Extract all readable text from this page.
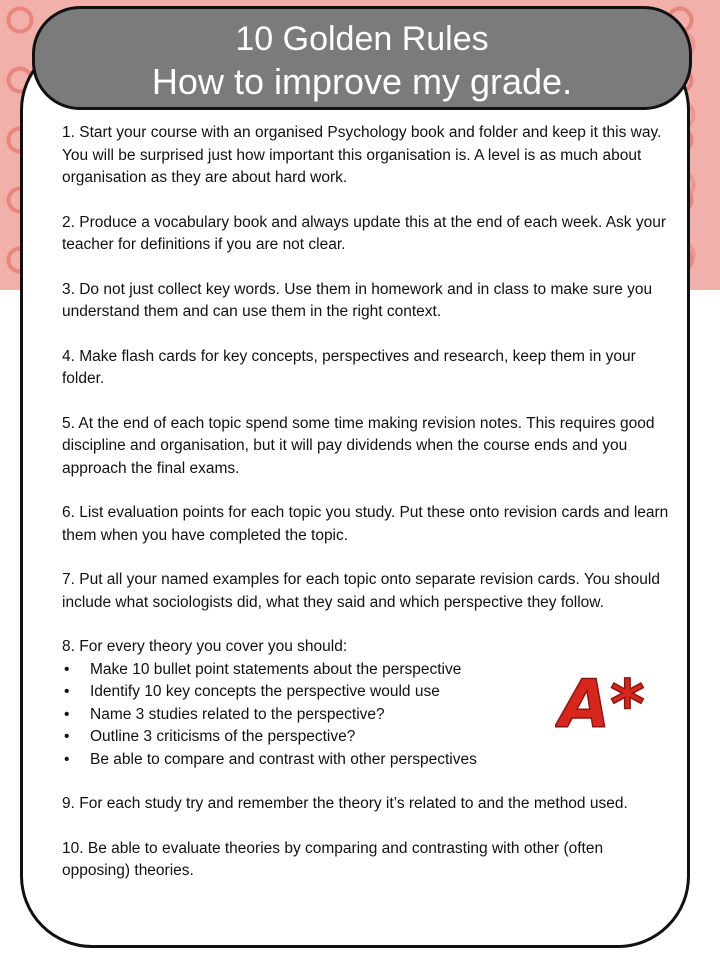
10 Golden Rules
How to improve my grade.

1. Start your course with an organised Psychology book and folder and keep it this way. You will be surprised just how important this organisation is. A level is as much about organisation as they are about hard work.

2. Produce a vocabulary book and always update this at the end of each week. Ask your teacher for definitions if you are not clear.

3. Do not just collect key words. Use them in homework and in class to make sure you understand them and can use them in the right context.

4. Make flash cards for key concepts, perspectives and research, keep them in your folder.

5. At the end of each topic spend some time making revision notes. This requires good discipline and organisation, but it will pay dividends when the course ends and you approach the final exams.

6. List evaluation points for each topic you study. Put these onto revision cards and learn them when you have completed the topic.

7. Put all your named examples for each topic onto separate revision cards. You should include what sociologists did, what they said and which perspective they follow.

8. For every theory you cover you should:
• Make 10 bullet point statements about the perspective
• Identify 10 key concepts the perspective would use
• Name 3 studies related to the perspective?
• Outline 3 criticisms of the perspective?
• Be able to compare and contrast with other perspectives

9. For each study try and remember the theory it’s related to and the method used.

10. Be able to evaluate theories by comparing and contrasting with other (often opposing) theories.

A*
